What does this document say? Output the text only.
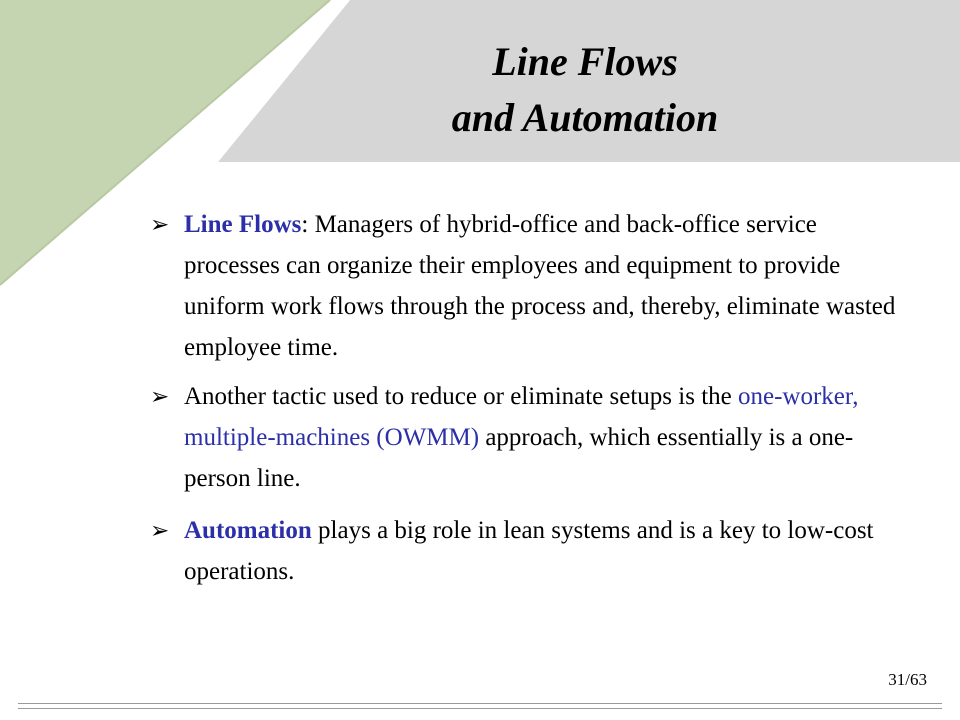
Line Flows
and Automation
➢ Line Flows: Managers of hybrid-office and back-office service processes can organize their employees and equipment to provide uniform work flows through the process and, thereby, eliminate wasted employee time.
➢ Another tactic used to reduce or eliminate setups is the one-worker, multiple-machines (OWMM) approach, which essentially is a one-person line.
➢ Automation plays a big role in lean systems and is a key to low-cost operations.
31/63
